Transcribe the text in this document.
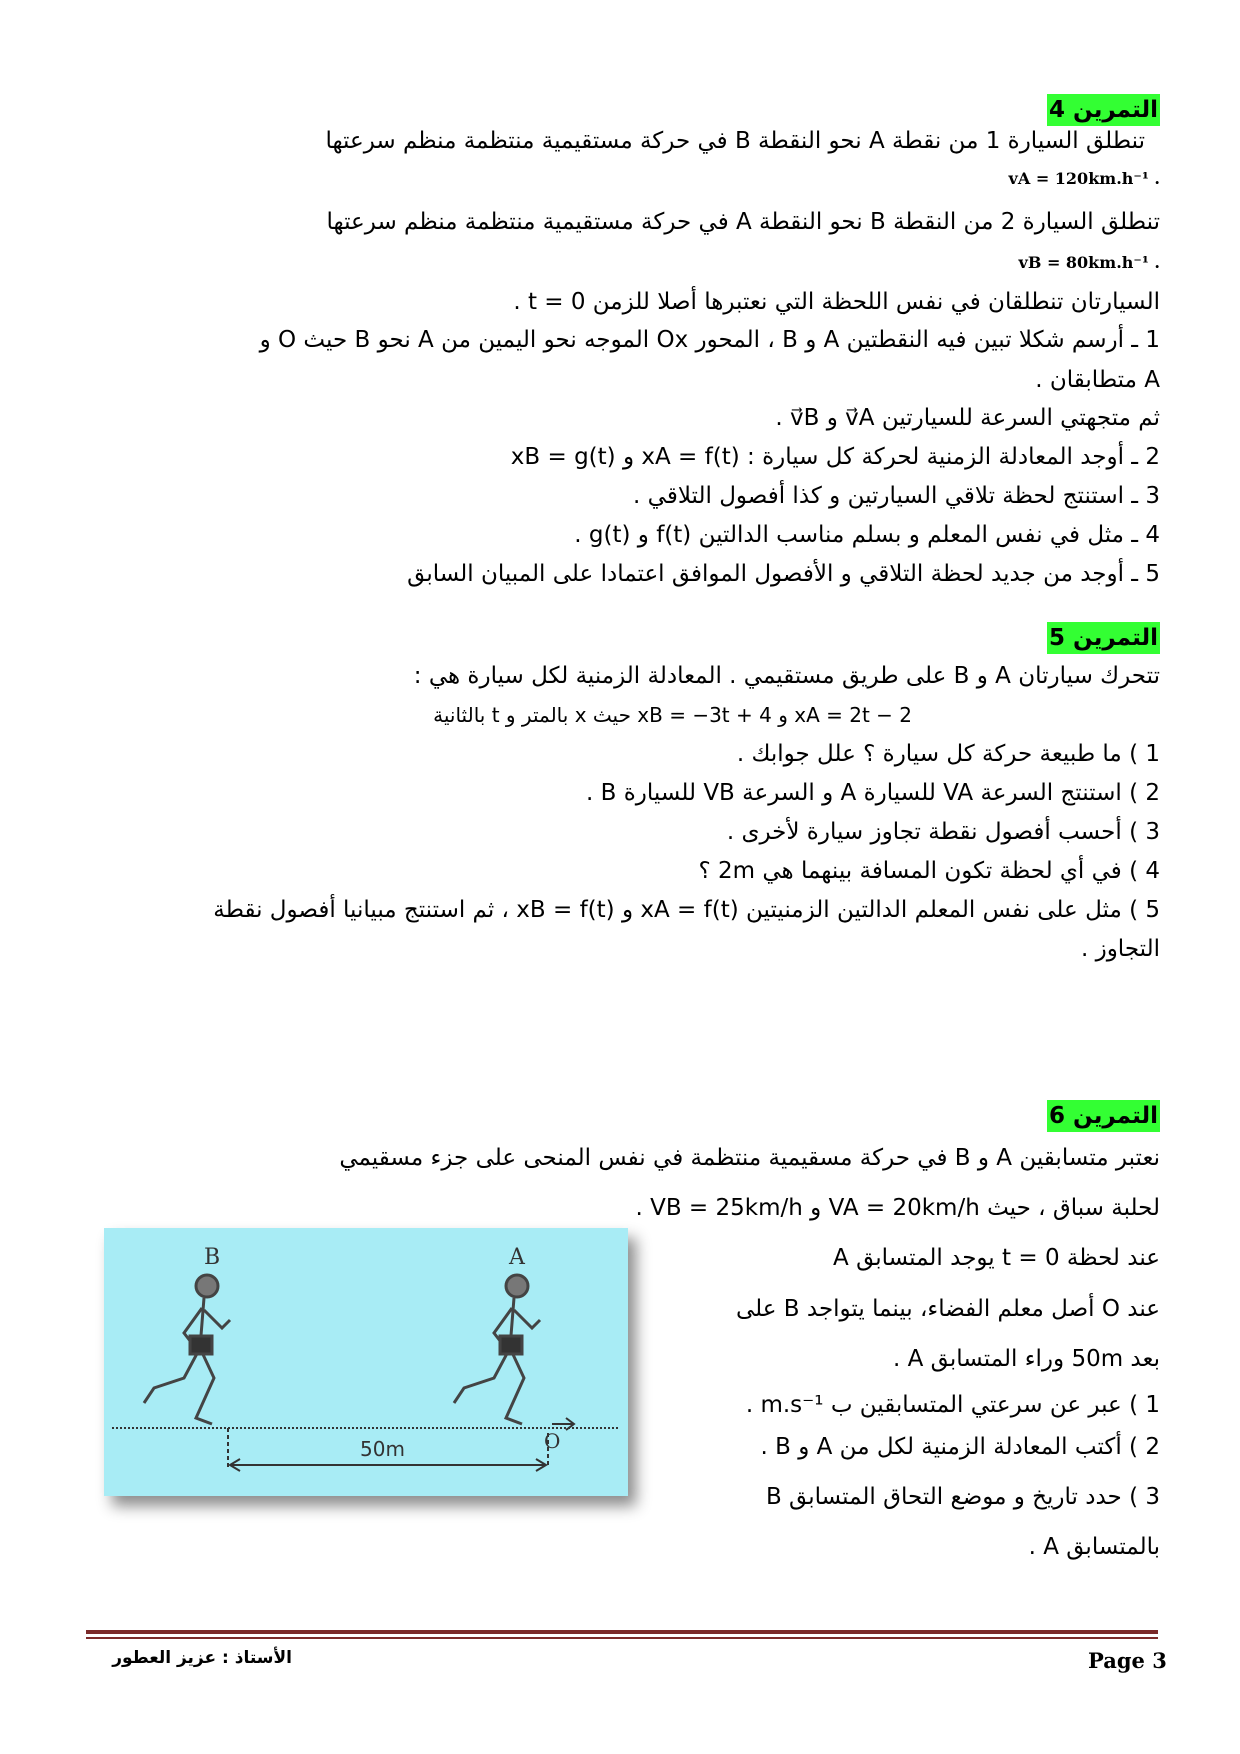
التمرين 4
تنطلق السيارة 1 من نقطة A نحو النقطة B في حركة مستقيمية منتظمة منظم سرعتها
. vA = 120km.h⁻¹
تنطلق السيارة 2 من النقطة B نحو النقطة A في حركة مستقيمية منتظمة منظم سرعتها
. vB = 80km.h⁻¹
السيارتان تنطلقان في نفس اللحظة التي نعتبرها أصلا للزمن t = 0 .
1 ـ أرسم شكلا تبين فيه النقطتين A و B ، المحور Ox الموجه نحو اليمين من A نحو B حيث O و
A متطابقان .
ثم متجهتي السرعة للسيارتين v⃗A و v⃗B .
2 ـ أوجد المعادلة الزمنية لحركة كل سيارة : xA = f(t) و xB = g(t)
3 ـ استنتج لحظة تلاقي السيارتين و كذا أفصول التلاقي .
4 ـ مثل في نفس المعلم و بسلم مناسب الدالتين f(t) و g(t) .
5 ـ أوجد من جديد لحظة التلاقي و الأفصول الموافق اعتمادا على المبيان السابق
التمرين 5
تتحرك سيارتان A و B على طريق مستقيمي . المعادلة الزمنية لكل سيارة هي :
xA = 2t − 2 و xB = −3t + 4 حيث x بالمتر و t بالثانية
1 ) ما طبيعة حركة كل سيارة ؟ علل جوابك .
2 ) استنتج السرعة VA للسيارة A و السرعة VB للسيارة B .
3 ) أحسب أفصول نقطة تجاوز سيارة لأخرى .
4 ) في أي لحظة تكون المسافة بينهما هي 2m ؟
5 ) مثل على نفس المعلم الدالتين الزمنيتين xA = f(t) و xB = f(t) ، ثم استنتج مبيانيا أفصول نقطة
التجاوز .
التمرين 6
نعتبر متسابقين A و B في حركة مسقيمية منتظمة في نفس المنحى على جزء مسقيمي
لحلبة سباق ، حيث VA = 20km/h و VB = 25km/h .
عند لحظة t = 0 يوجد المتسابق A
عند O أصل معلم الفضاء، بينما يتواجد B على
بعد 50m وراء المتسابق A .
1 ) عبر عن سرعتي المتسابقين ب m.s⁻¹ .
2 ) أكتب المعادلة الزمنية لكل من A و B .
3 ) حدد تاريخ و موضع التحاق المتسابق B
بالمتسابق A .
B	A
O
50m
Page 3
الأستاذ : عزيز العطور
